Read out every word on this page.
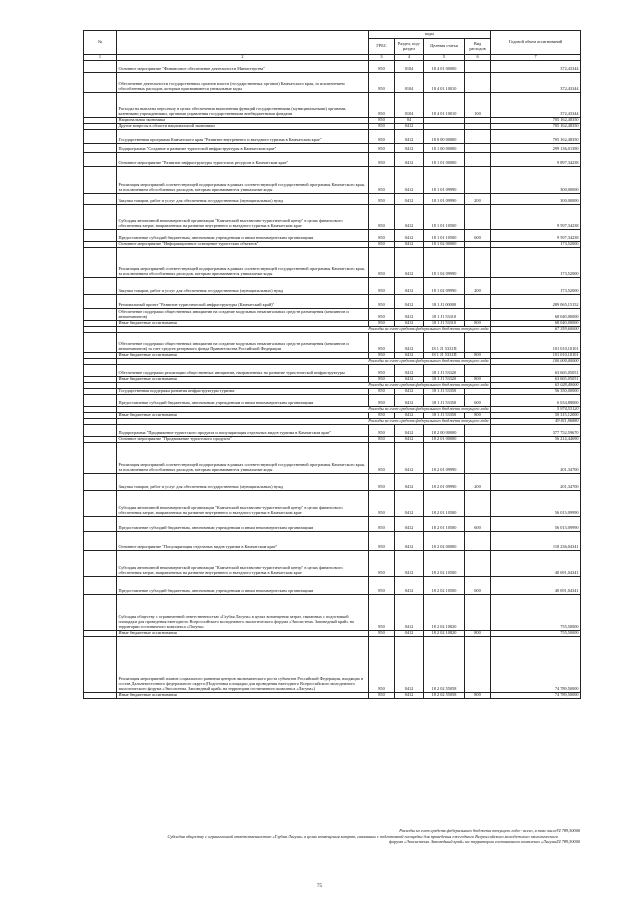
№		коды				Годовой объем ассигнований
		ГРБС	Раздел, под-раздел	Целевая статья	Вид расходов	
1	2	3	4	5	6	7
	Основное мероприятие "Финансовое обеспечение деятельности Министерства"	850	0104	18 4 01 00000		372,43344
	Обеспечение деятельности государственных органов власти (государственных органов) Камчатского края, за исключением обособленных расходов, которым присваиваются уникальные коды	850	0104	18 4 01 10010		372,43344
	Расходы на выплаты персоналу в целях обеспечения выполнения функций государственными (муниципальными) органами, казенными учреждениями, органами управления государственными внебюджетными фондами	850	0104	18 4 01 10010	100	372,43344
	Национальная экономика	850	04			705 162,48350
	Другие вопросы в области национальной экономики	850	0412			705 162,48350
	Государственная программа Камчатского края "Развитие внутреннего и въездного туризма в Камчатском крае"	850	0412	18 0 00 00000		705 162,48350
	Подпрограмма "Создание и развитие туристской инфраструктуры в Камчатском крае"	850	0412	18 1 00 00000		299 136,01390
	Основное мероприятие "Развитие инфраструктуры туристских ресурсов в Камчатском крае"	850	0412	18 1 01 00000		9 897,34238
	Реализация мероприятий соответствующей подпрограммы в рамках соответствующей государственной программы Камчатского края, за исключением обособленных расходов, которым присваиваются уникальные коды	850	0412	18 1 01 09990		300,00000
	Закупка товаров, работ и услуг для обеспечения государственных (муниципальных) нужд	850	0412	18 1 01 09990	200	300,00000
	Субсидия автономной некоммерческой организации "Камчатский выставочно-туристический центр" в целях финансового обеспечения затрат, направленных на развитие внутреннего и въездного туризма в Камчатском крае	850	0412	18 1 01 10500		9 597,34238
	Предоставление субсидий бюджетным, автономным учреждениям и иным некоммерческим организациям	850	0412	18 1 01 10500	600	9 597,34238
	Основное мероприятие "Информационное освещение туристских объектов"	850	0412	18 1 02 00000		173,52000
	Реализация мероприятий соответствующей подпрограммы в рамках соответствующей государственной программы Камчатского края, за исключением обособленных расходов, которым присваиваются уникальные коды	850	0412	18 1 02 09990		173,52000
	Закупка товаров, работ и услуг для обеспечения государственных (муниципальных) нужд	850	0412	18 1 02 09990	200	173,52000
	Региональный проект "Развитие туристической инфраструктуры (Камчатский край)"	850	0412	18 1 J1 00000		289 065,15152
	Обеспечение поддержки общественных инициатив на создание модульных некапитальных средств размещения (кемпингов и автокемпингов)	850	0412	18 1 J1 53310		68 040,00000
	Иные бюджетные ассигнования	850	0412	18 1 J1 53310	800	68 040,00000
	Расходы за счет средств федерального бюджета текущего года					67 359,60000
	Обеспечение поддержки общественных инициатив на создание модульных некапитальных средств размещения (кемпингов и автокемпингов) за счет средств резервного фонда Правительства Российской Федерации	850	0412	18 1 J1 5331П		101 010,10101
	Иные бюджетные ассигнования	850	0412	18 1 J1 5331П	800	101 010,10101
	Расходы за счет средств федерального бюджета текущего года					100 000,00000
	Обеспечение поддержки реализации общественных инициатив, направленных на развитие туристической инфраструктуры	850	0412	18 1 J1 53320		63 665,05051
	Иные бюджетные ассигнования	850	0412	18 1 J1 53320	800	63 665,05051
	Расходы за счет средств федерального бюджета текущего года					63 028,40000
	Государственная поддержка развития инфраструктуры туризма	850	0412	18 1 J1 53350		56 350,00000
	Предоставление субсидий бюджетным, автономным учреждениям и иным некоммерческим организациям	850	0412	18 1 J1 53350	600	6 034,88000
	Расходы за счет средств федерального бюджета текущего года					5 974,53120
	Иные бюджетные ассигнования	850	0412	18 1 J1 53350	800	50 315,12000
	Расходы за счет средств федерального бюджета текущего года					49 811,96880
	Подпрограмма "Продвижение туристского продукта и популяризация отдельных видов туризма в Камчатском крае"	850	0412	18 2 00 00000		377 752,59670
	Основное мероприятие "Продвижение туристского продукта"	850	0412	18 2 01 00000		56 214,44690
	Реализация мероприятий соответствующей подпрограммы в рамках соответствующей государственной программы Камчатского края, за исключением обособленных расходов, которым присваиваются уникальные коды	850	0412	18 2 01 09990		201,34700
	Закупка товаров, работ и услуг для обеспечения государственных (муниципальных) нужд	850	0412	18 2 01 09990	200	201,34700
	Субсидия автономной некоммерческой организации "Камчатский выставочно-туристический центр" в целях финансового обеспечения затрат, направленных на развитие внутреннего и въездного туризма в Камчатском крае	850	0412	18 2 01 10500		56 013,09990
	Предоставление субсидий бюджетным, автономным учреждениям и иным некоммерческим организациям	850	0412	18 2 01 10500	600	56 013,09990
	Основное мероприятие "Популяризация отдельных видов туризма в Камчатском крае"	850	0412	18 2 02 00000		118 236,04341
	Субсидия автономной некоммерческой организации "Камчатский выставочно-туристический центр" в целях финансового обеспечения затрат, направленных на развитие внутреннего и въездного туризма в Камчатском крае	850	0412	18 2 02 10500		40 691,04341
	Предоставление субсидий бюджетным, автономным учреждениям и иным некоммерческим организациям	850	0412	18 2 02 10500	600	40 691,04341
	Субсидия обществу с ограниченной ответственностью «Глубая Лагуна» в целях возмещения затрат, связанных с подготовкой площадки для проведения ежегодного Всероссийского молодежного экологического форума «Экосистема. Заповедный край» на территории гостиничного комплекса «Лагуна»	850	0412	18 2 02 10820		755,50000
	Иные бюджетные ассигнования	850	0412	18 2 02 10820	800	755,50000
	Реализация мероприятий планов социального развития центров экономического роста субъектов Российской Федерации, входящих в состав Дальневосточного федерального округа (Подготовка площадки для проведения ежегодного Всероссийского молодежного экологического форума «Экосистема. Заповедный край» на территории гостиничного комплекса «Лагуна»)	850	0412	18 2 02 55058		74 789,50000
	Иные бюджетные ассигнования	850	0412	18 2 02 55058	800	74 789,50000
Расходы за счет средств федерального бюджета текущего года - всего, в том числе:
74 789,50000
Субсидия обществу с ограниченной ответственностью «Глубая Лагуна» в целях возмещения затрат, связанных с подготовкой площадки для проведения ежегодного Всероссийского молодежного экологического форума «Экосистема. Заповедный край» на территории гостиничного комплекса «Лагуна»
74 789,50000
75
